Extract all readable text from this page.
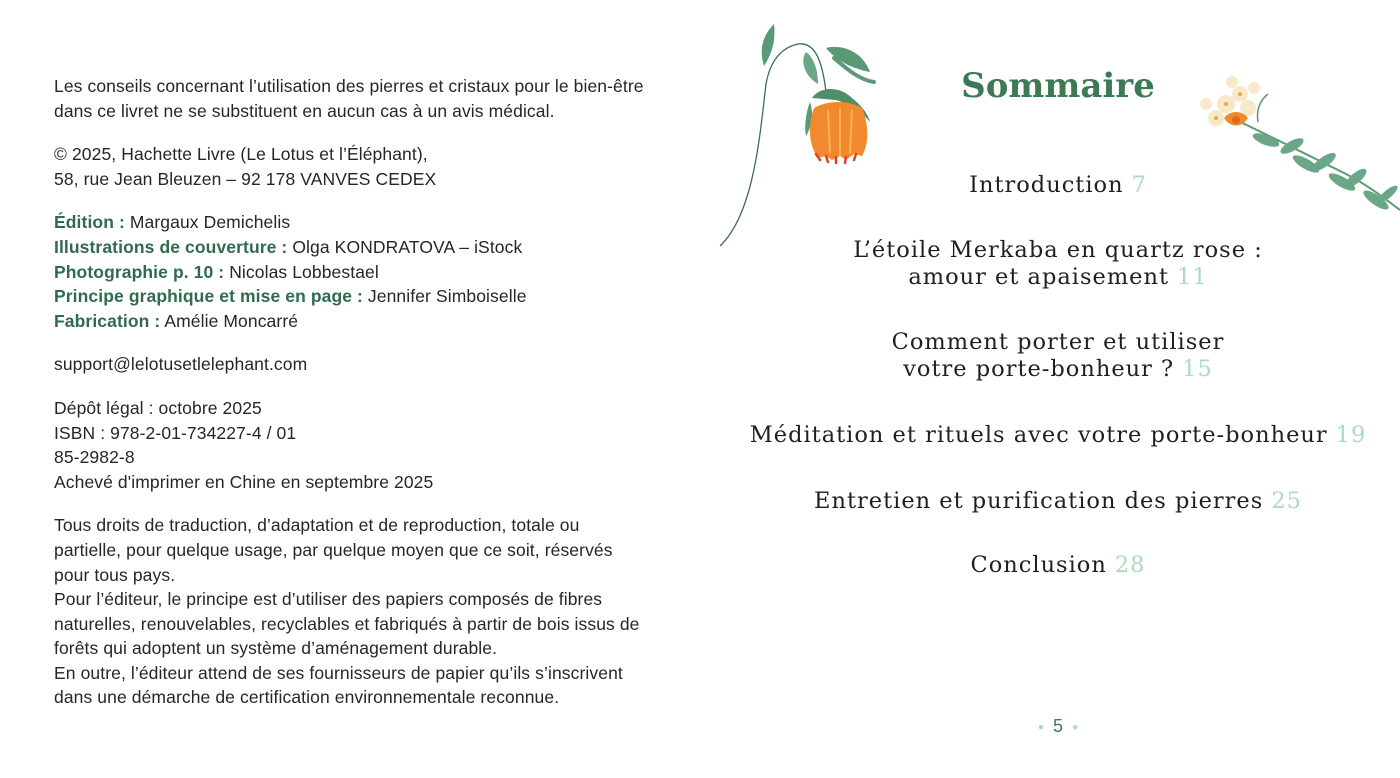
Les conseils concernant l’utilisation des pierres et cristaux pour le bien-être dans ce livret ne se substituent en aucun cas à un avis médical.

© 2025, Hachette Livre (Le Lotus et l’Éléphant),
58, rue Jean Bleuzen – 92 178 VANVES CEDEX

Édition : Margaux Demichelis
Illustrations de couverture : Olga KONDRATOVA – iStock
Photographie p. 10 : Nicolas Lobbestael
Principe graphique et mise en page : Jennifer Simboiselle
Fabrication : Amélie Moncarré

support@lelotusetlelephant.com

Dépôt légal : octobre 2025
ISBN : 978-2-01-734227-4 / 01
85-2982-8
Achevé d'imprimer en Chine en septembre 2025

Tous droits de traduction, d’adaptation et de reproduction, totale ou partielle, pour quelque usage, par quelque moyen que ce soit, réservés pour tous pays.
Pour l’éditeur, le principe est d’utiliser des papiers composés de fibres naturelles, renouvelables, recyclables et fabriqués à partir de bois issus de forêts qui adoptent un système d’aménagement durable.
En outre, l’éditeur attend de ses fournisseurs de papier qu’ils s’inscrivent dans une démarche de certification environnementale reconnue.

Sommaire
Introduction 7
L’étoile Merkaba en quartz rose :
amour et apaisement 11
Comment porter et utiliser
votre porte-bonheur ? 15
Méditation et rituels avec votre porte-bonheur 19
Entretien et purification des pierres 25
Conclusion 28
● 5 ●
